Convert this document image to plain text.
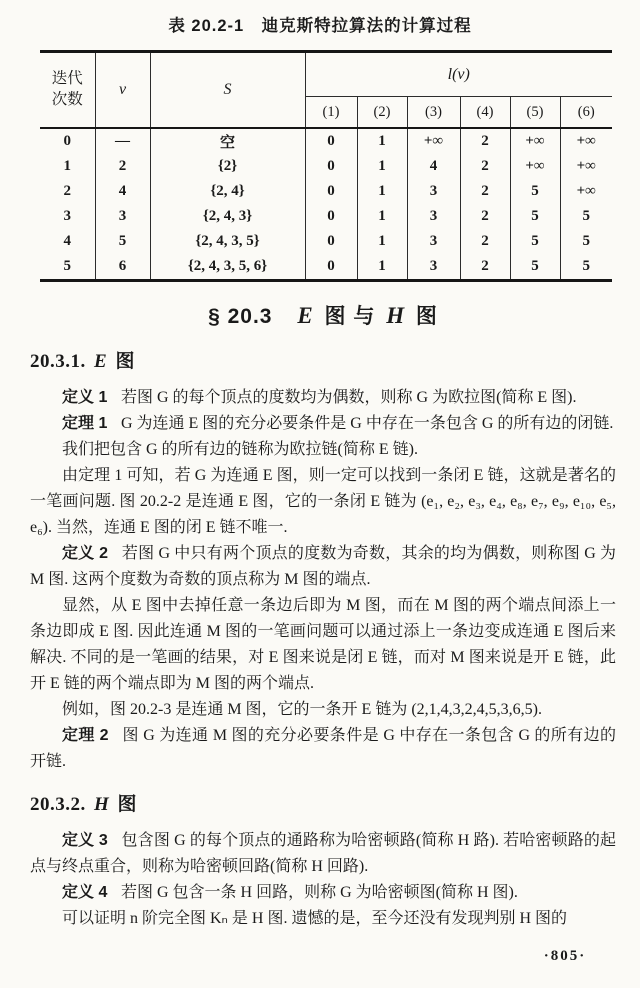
表 20.2-1　迪克斯特拉算法的计算过程
迭代
次数	v	S	l(v)					
			(1)	(2)	(3)	(4)	(5)	(6)
0	—	空	0	1	+∞	2	+∞	+∞
1	2	{2}	0	1	4	2	+∞	+∞
2	4	{2, 4}	0	1	3	2	5	+∞
3	3	{2, 4, 3}	0	1	3	2	5	5
4	5	{2, 4, 3, 5}	0	1	3	2	5	5
5	6	{2, 4, 3, 5, 6}	0	1	3	2	5	5
§ 20.3 E 图 与 H 图
20.3.1. E 图

定义 1 若图 G 的每个顶点的度数均为偶数，则称 G 为欧拉图(简称 E 图).

定理 1 G 为连通 E 图的充分必要条件是 G 中存在一条包含 G 的所有边的闭链.

我们把包含 G 的所有边的链称为欧拉链(简称 E 链).

由定理 1 可知，若 G 为连通 E 图，则一定可以找到一条闭 E 链，这就是著名的一笔画问题. 图 20.2-2 是连通 E 图，它的一条闭 E 链为 (e₁, e₂, e₃, e₄, e₈, e₇, e₉, e₁₀, e₅, e₆). 当然，连通 E 图的闭 E 链不唯一.

定义 2 若图 G 中只有两个顶点的度数为奇数，其余的均为偶数，则称图 G 为 M 图. 这两个度数为奇数的顶点称为 M 图的端点.

显然，从 E 图中去掉任意一条边后即为 M 图，而在 M 图的两个端点间添上一条边即成 E 图. 因此连通 M 图的一笔画问题可以通过添上一条边变成连通 E 图后来解决. 不同的是一笔画的结果，对 E 图来说是闭 E 链，而对 M 图来说是开 E 链，此开 E 链的两个端点即为 M 图的两个端点.

例如，图 20.2-3 是连通 M 图，它的一条开 E 链为 (2,1,4,3,2,4,5,3,6,5).

定理 2 图 G 为连通 M 图的充分必要条件是 G 中存在一条包含 G 的所有边的开链.

20.3.2. H 图

定义 3 包含图 G 的每个顶点的通路称为哈密顿路(简称 H 路). 若哈密顿路的起点与终点重合，则称为哈密顿回路(简称 H 回路).

定义 4 若图 G 包含一条 H 回路，则称 G 为哈密顿图(简称 H 图).

可以证明 n 阶完全图 Kₙ 是 H 图. 遗憾的是，至今还没有发现判别 H 图的

·805·
